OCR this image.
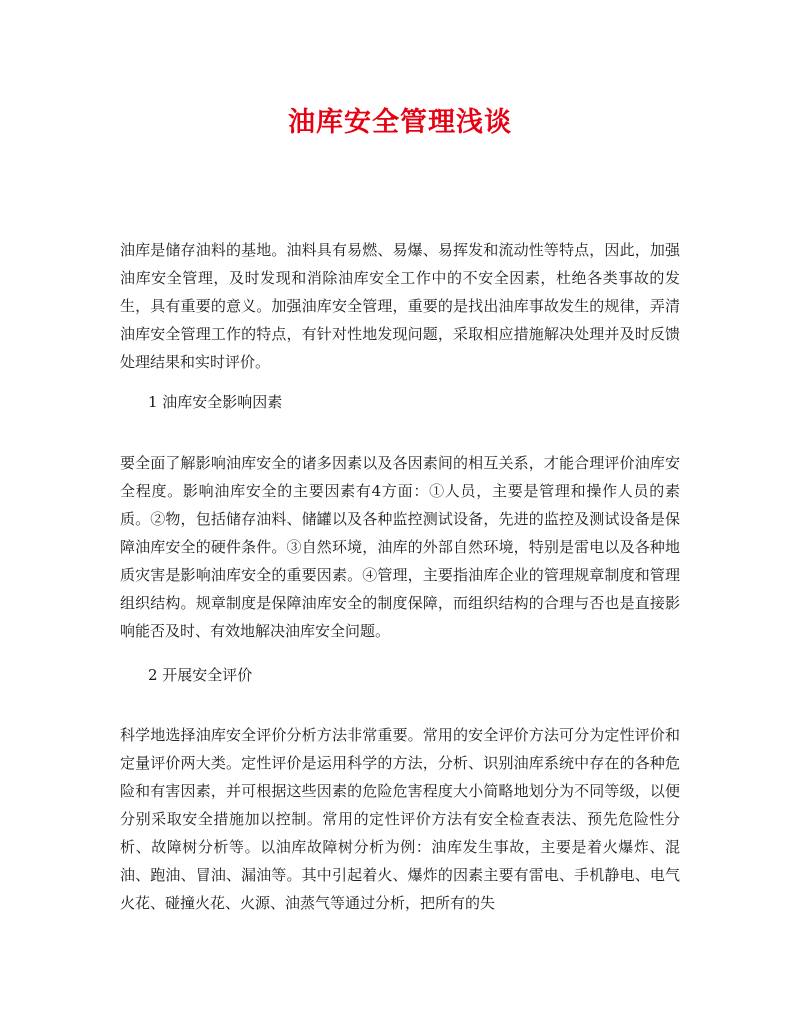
油库安全管理浅谈

油库是储存油料的基地。油料具有易燃、易爆、易挥发和流动性等特点，因此，加强油库安全管理，及时发现和消除油库安全工作中的不安全因素，杜绝各类事故的发生，具有重要的意义。加强油库安全管理，重要的是找出油库事故发生的规律，弄清油库安全管理工作的特点，有针对性地发现问题，采取相应措施解决处理并及时反馈处理结果和实时评价。

1 油库安全影响因素

要全面了解影响油库安全的诸多因素以及各因素间的相互关系，才能合理评价油库安全程度。影响油库安全的主要因素有4方面：①人员，主要是管理和操作人员的素质。②物，包括储存油料、储罐以及各种监控测试设备，先进的监控及测试设备是保障油库安全的硬件条件。③自然环境，油库的外部自然环境，特别是雷电以及各种地质灾害是影响油库安全的重要因素。④管理，主要指油库企业的管理规章制度和管理组织结构。规章制度是保障油库安全的制度保障，而组织结构的合理与否也是直接影响能否及时、有效地解决油库安全问题。

2 开展安全评价

科学地选择油库安全评价分析方法非常重要。常用的安全评价方法可分为定性评价和定量评价两大类。定性评价是运用科学的方法，分析、识别油库系统中存在的各种危险和有害因素，并可根据这些因素的危险危害程度大小简略地划分为不同等级，以便分别采取安全措施加以控制。常用的定性评价方法有安全检查表法、预先危险性分析、故障树分析等。以油库故障树分析为例：油库发生事故，主要是着火爆炸、混油、跑油、冒油、漏油等。其中引起着火、爆炸的因素主要有雷电、手机静电、电气火花、碰撞火花、火源、油蒸气等通过分析，把所有的失
